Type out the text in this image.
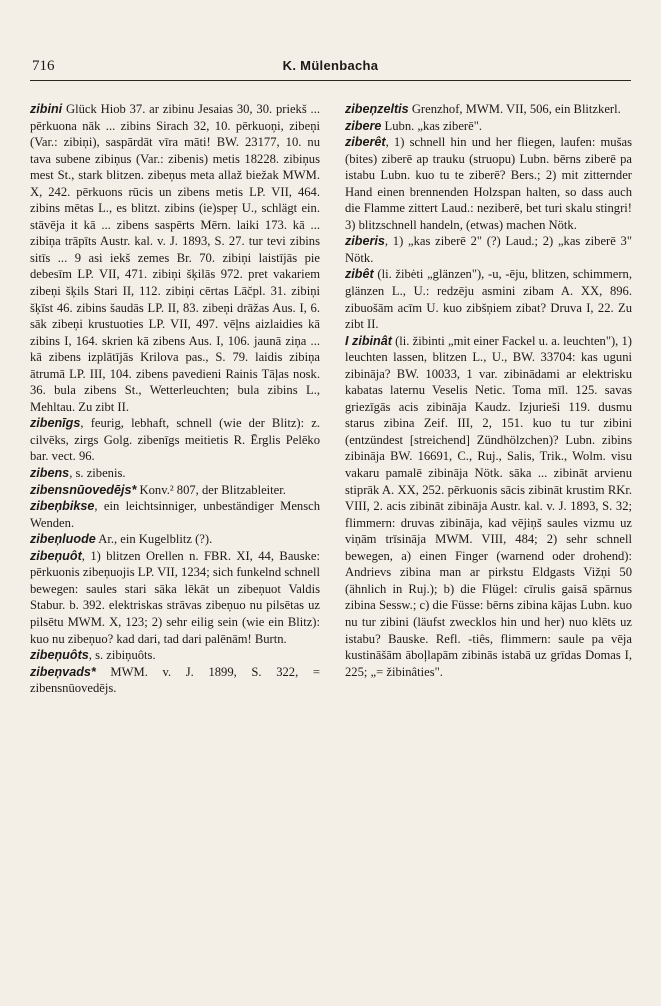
716	K. Mülenbacha

zibini Glück Hiob 37. ar zibinu Jesaias 30, 30. priekš ... pērkuona nāk ... zibins Sirach 32, 10. pērkuoņi, zibeņi (Var.: zibiņi), saspārdāt vīra māti! BW. 23177, 10. nu tava subene zibiņus (Var.: zibenis) metis 18228. zibiņus mest St., stark blitzen. zibeņus meta allaž biežak MWM. X, 242. pērkuons rūcis un zibens metis LP. VII, 464. zibins mētas L., es blitzt. zibins (ie)speŗ U., schlägt ein. stāvēja it kā ... zibens saspērts Mērn. laiki 173. kā ... zibiņa trāpīts Austr. kal. v. J. 1893, S. 27. tur tevi zibins sitīs ... 9 asi iekš zemes Br. 70. zibiņi laistījās pie debesīm LP. VII, 471. zibiņi šķilās 972. pret vakariem zibeņi šķils Stari II, 112. zibiņi cērtas Lāčpl. 31. zibiņi šķīst 46. zibins šaudās LP. II, 83. zibeņi drāžas Aus. I, 6. sāk zibeņi krustuoties LP. VII, 497. vēļns aizlaidies kā zibins I, 164. skrien kā zibens Aus. I, 106. jaunā ziņa ... kā zibens izplātījās Krilova pas., S. 79. laidis zibiņa ātrumā LP. III, 104. zibens pavedieni Rainis Tāļas nosk. 36. bula zibens St., Wetterleuchten; bula zibins L., Mehltau. Zu zibt II.

zibenīgs, feurig, lebhaft, schnell (wie der Blitz): z. cilvēks, zirgs Golg. zibenīgs meitietis R. Ērglis Pelēko bar. vect. 96.

zibens, s. zibenis.

zibensnūovedējs* Konv.² 807, der Blitzableiter.

zibeņbikse, ein leichtsinniger, unbeständiger Mensch Wenden.

zibeņluode Ar., ein Kugelblitz (?).

zibeņuôt, 1) blitzen Orellen n. FBR. XI, 44, Bauske: pērkuonis zibeņuojis LP. VII, 1234; sich funkelnd schnell bewegen: saules stari sāka lēkāt un zibeņuot Valdis Stabur. b. 392. elektriskas strāvas zibeņuo nu pilsētas uz pilsētu MWM. X, 123; 2) sehr eilig sein (wie ein Blitz): kuo nu zibeņuo? kad dari, tad dari palēnām! Burtn.

zibeņuôts, s. zibiņuôts.

zibeņvads* MWM. v. J. 1899, S. 322, = zibensnūovedējs.

zibeņzeltis Grenzhof, MWM. VII, 506, ein Blitzkerl.

zibere Lubn. „kas ziberē".

ziberêt, 1) schnell hin und her fliegen, laufen: mušas (bites) ziberē ap trauku (struopu) Lubn. bērns ziberē pa istabu Lubn. kuo tu te ziberē? Bers.; 2) mit zitternder Hand einen brennenden Holzspan halten, so dass auch die Flamme zittert Laud.: neziberē, bet turi skalu stingri! 3) blitzschnell handeln, (etwas) machen Nötk.

ziberis, 1) „kas ziberē 2" (?) Laud.; 2) „kas ziberē 3" Nötk.

zibêt (li. žibėti „glänzen"), -u, -ēju, blitzen, schimmern, glänzen L., U.: redzēju asmini zibam A. XX, 896. zibuošām acīm U. kuo zibšņiem zibat? Druva I, 22. Zu zibt II.

I zibinât (li. žibinti „mit einer Fackel u. a. leuchten"), 1) leuchten lassen, blitzen L., U., BW. 33704: kas uguni zibināja? BW. 10033, 1 var. zibinādami ar elektrisku kabatas laternu Veselis Netic. Toma mīl. 125. savas griezīgās acis zibināja Kaudz. Izjurieši 119. dusmu starus zibina Zeif. III, 2, 151. kuo tu tur zibini (entzündest [streichend] Zündhölzchen)? Lubn. zibins zibināja BW. 16691, C., Ruj., Salis, Trik., Wolm. visu vakaru pamalē zibināja Nötk. sāka ... zibināt arvienu stiprāk A. XX, 252. pērkuonis sācis zibināt krustim RKr. VIII, 2. acis zibināt zibināja Austr. kal. v. J. 1893, S. 32; flimmern: druvas zibināja, kad vējiņš saules vizmu uz viņām trīsināja MWM. VIII, 484; 2) sehr schnell bewegen, a) einen Finger (warnend oder drohend): Andrievs zibina man ar pirkstu Eldgasts Vižņi 50 (ähnlich in Ruj.); b) die Flügel: cīrulis gaisā spārnus zibina Sessw.; c) die Füsse: bērns zibina kājas Lubn. kuo nu tur zibini (läufst zwecklos hin und her) nuo klēts uz istabu? Bauske. Refl. -tiês, flimmern: saule pa vēja kustināšām āboļlapām zibinās istabā uz grīdas Domas I, 225; „= žibinâties".
